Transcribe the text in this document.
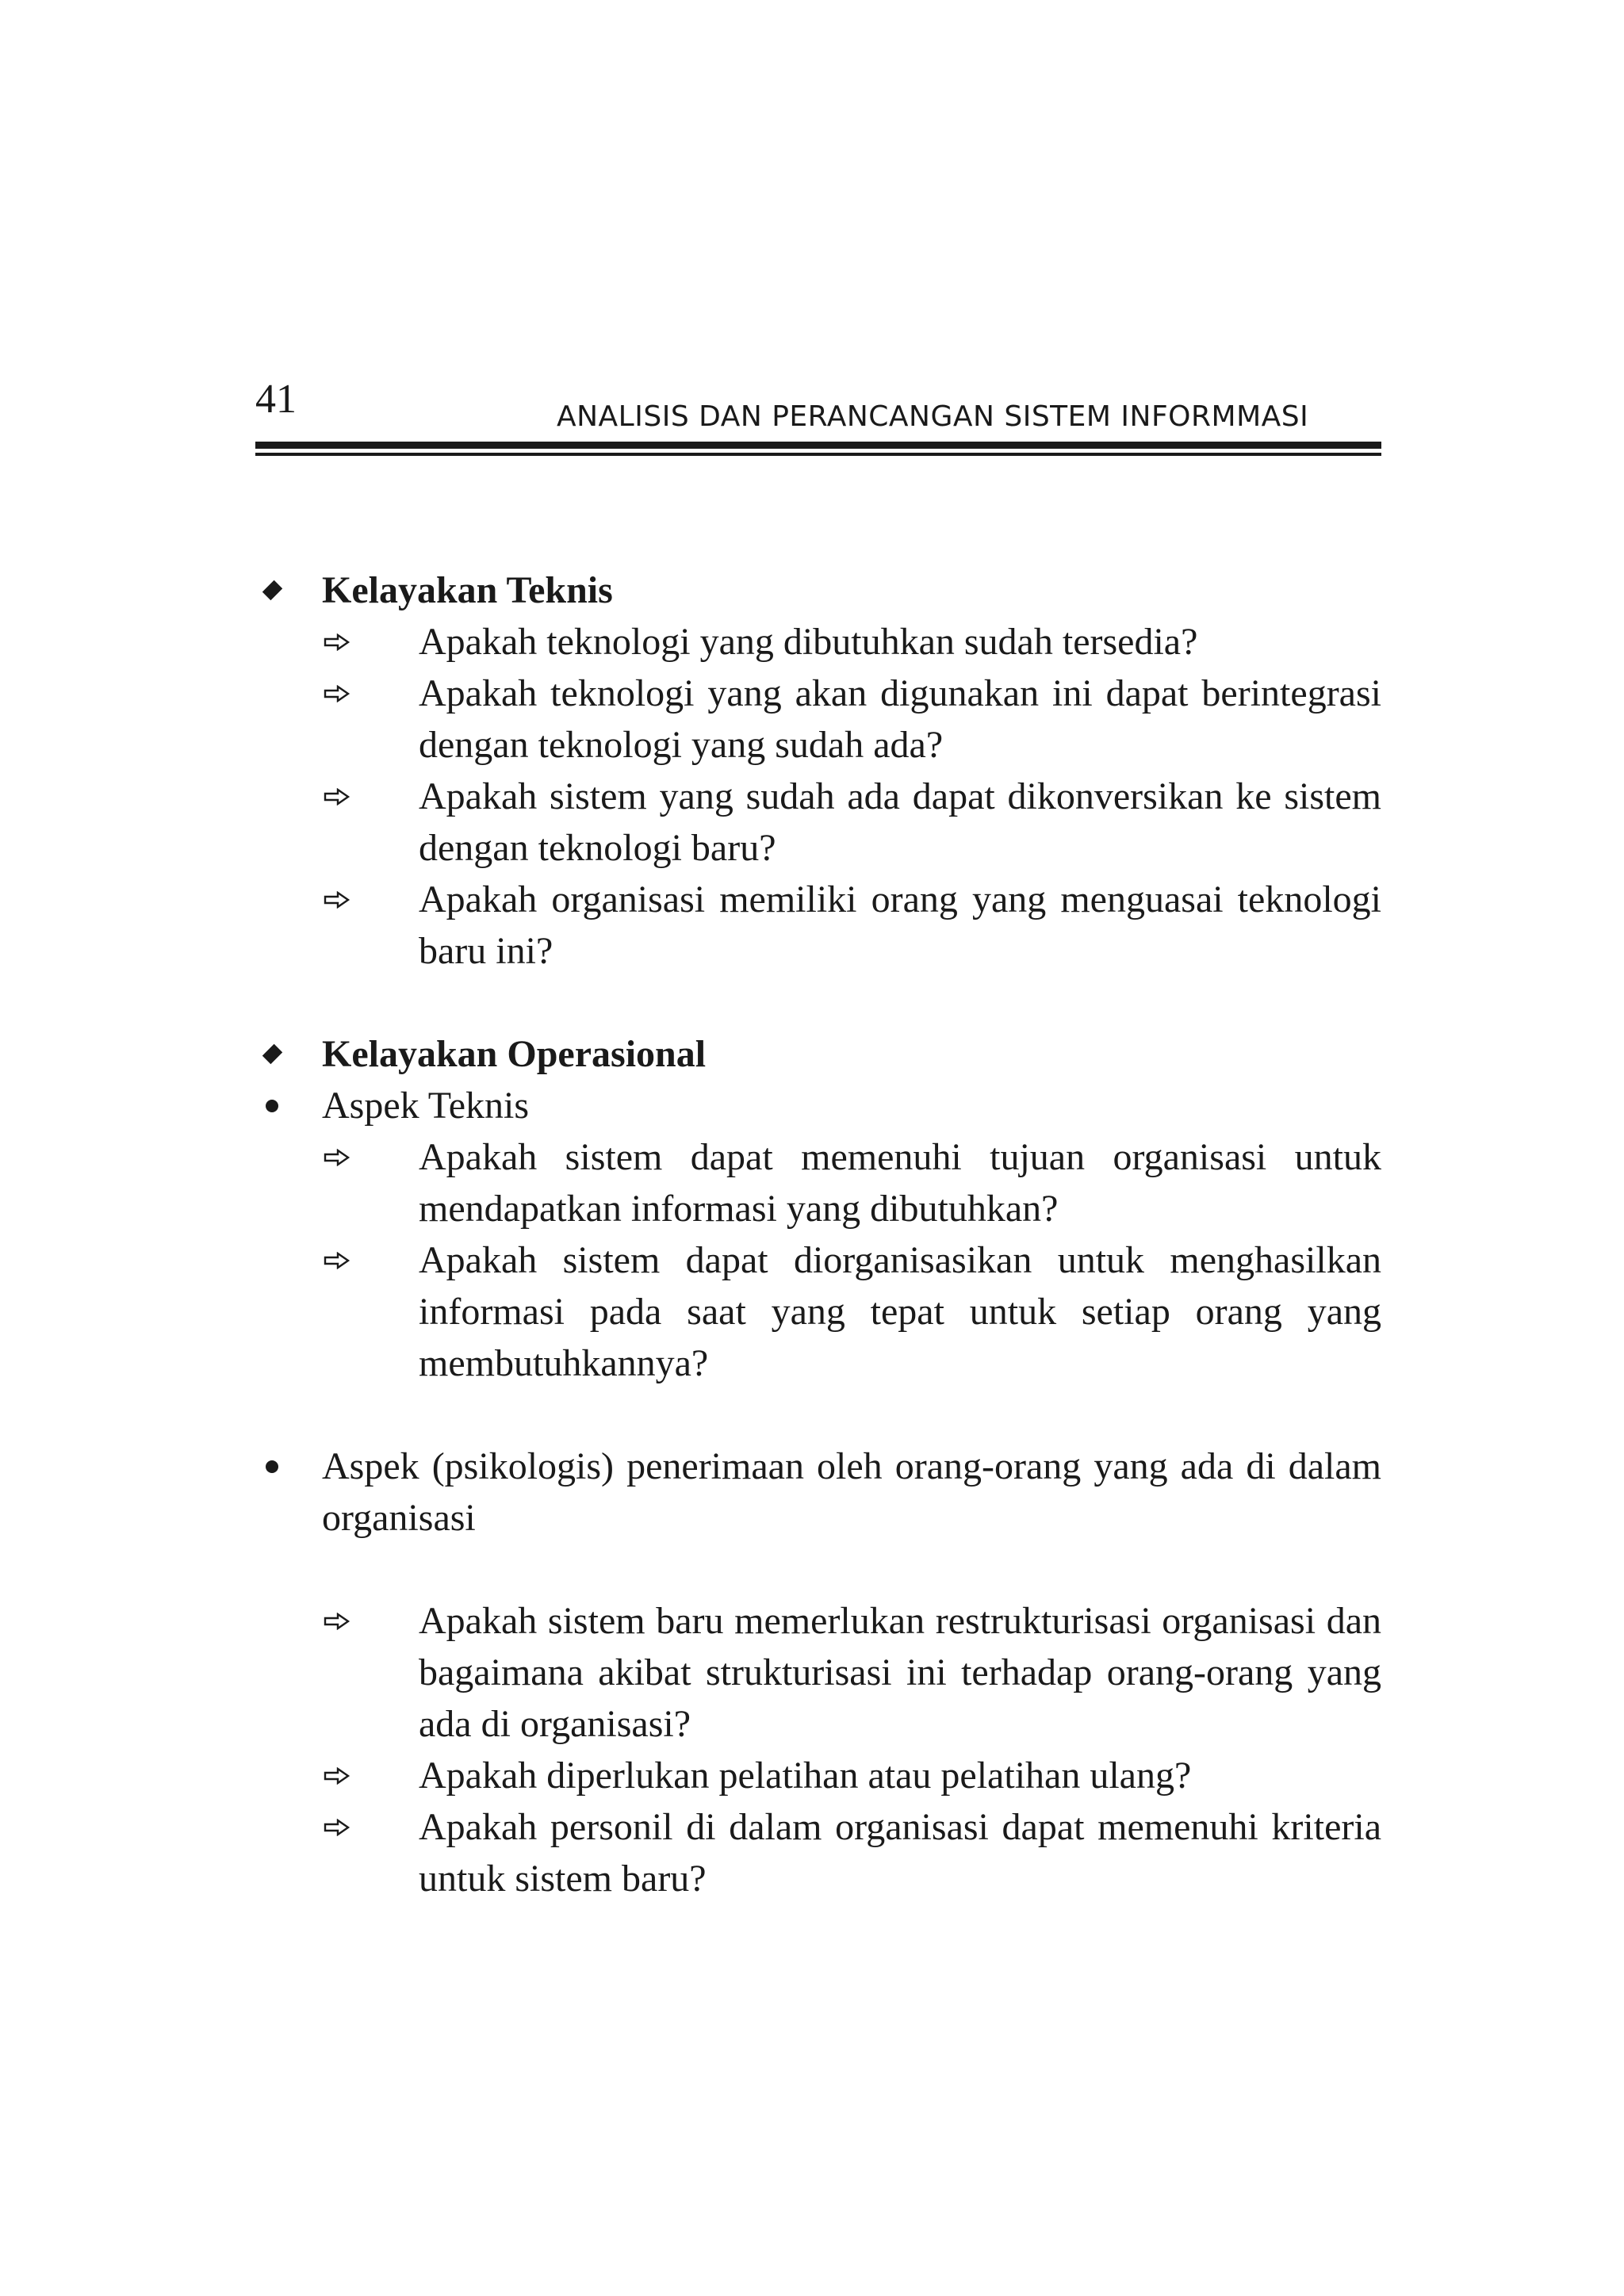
41	ANALISIS DAN PERANCANGAN SISTEM INFORMMASI
Kelayakan Teknis
Apakah teknologi yang dibutuhkan sudah tersedia?
Apakah teknologi yang akan digunakan ini dapat berintegrasi dengan teknologi yang sudah ada?
Apakah sistem yang sudah ada dapat dikonversikan ke sistem dengan teknologi baru?
Apakah organisasi memiliki orang yang menguasai teknologi baru ini?
Kelayakan Operasional
Aspek Teknis
Apakah sistem dapat memenuhi tujuan organisasi untuk mendapatkan informasi yang dibutuhkan?
Apakah sistem dapat diorganisasikan untuk menghasilkan informasi pada saat yang tepat untuk setiap orang yang membutuhkannya?
Aspek (psikologis) penerimaan oleh orang-orang yang ada di dalam organisasi
Apakah sistem baru memerlukan restrukturisasi organisasi dan bagaimana akibat strukturisasi ini terhadap orang-orang yang ada di organisasi?
Apakah diperlukan pelatihan atau pelatihan ulang?
Apakah personil di dalam organisasi dapat memenuhi kriteria untuk sistem baru?
